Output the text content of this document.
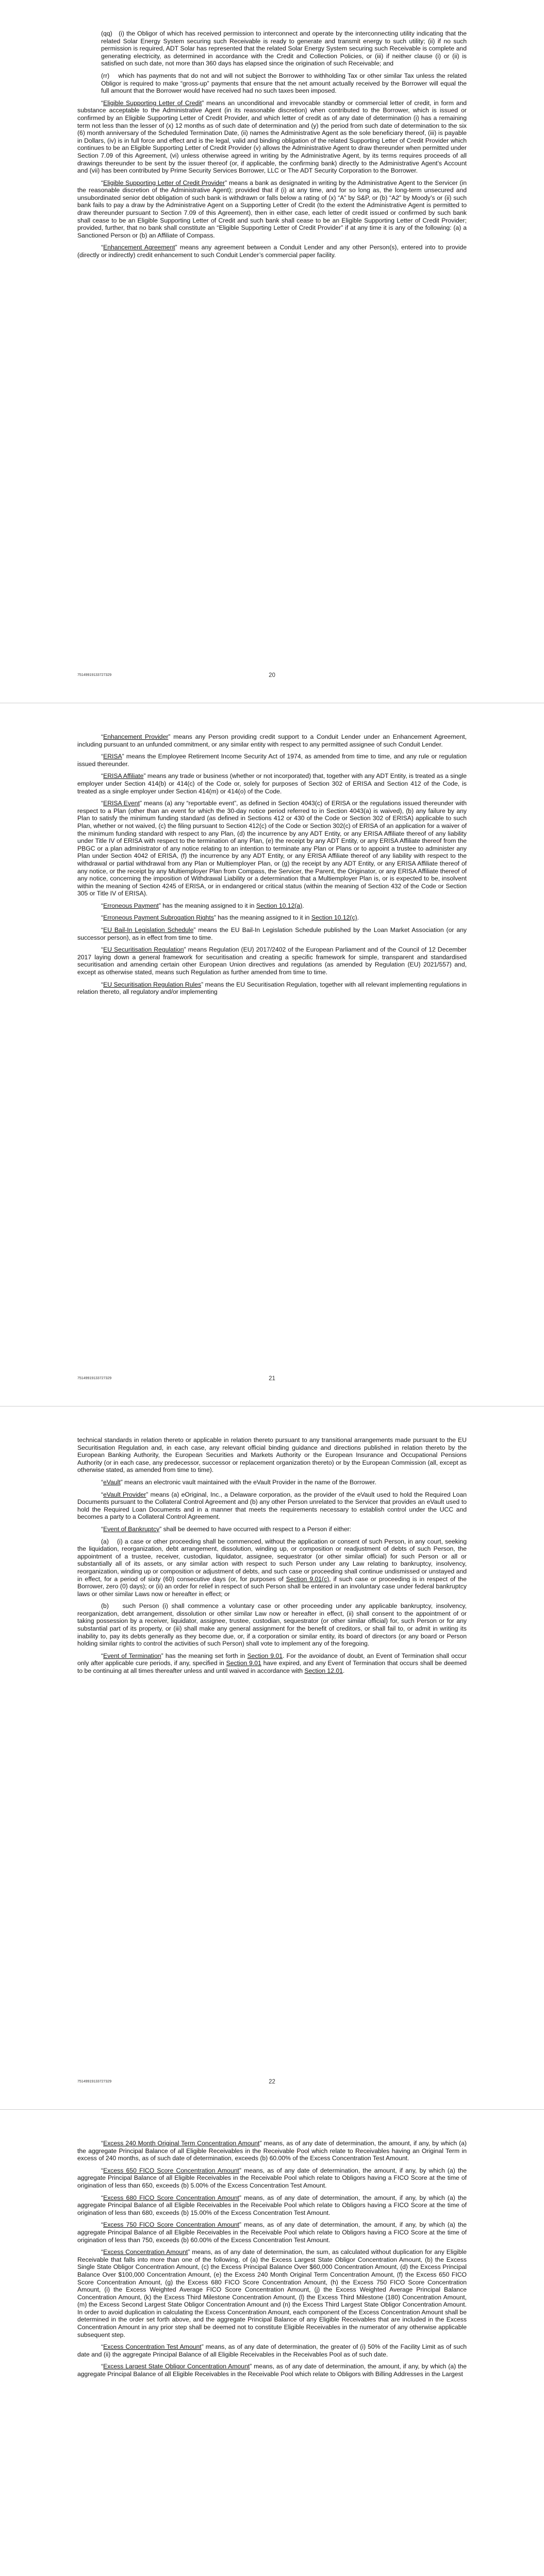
(qq)   (i) the Obligor of which has received permission to interconnect and operate by the interconnecting utility indicating that the related Solar Energy System securing such Receivable is ready to generate and transmit energy to such utility; (ii) if no such permission is required, ADT Solar has represented that the related Solar Energy System securing such Receivable is complete and generating electricity, as determined in accordance with the Credit and Collection Policies, or (iii) if neither clause (i) or (ii) is satisfied on such date, not more than 360 days has elapsed since the origination of such Receivable; and

(rr)    which has payments that do not and will not subject the Borrower to withholding Tax or other similar Tax unless the related Obligor is required to make “gross-up” payments that ensure that the net amount actually received by the Borrower will equal the full amount that the Borrower would have received had no such taxes been imposed.

“Eligible Supporting Letter of Credit” means an unconditional and irrevocable standby or commercial letter of credit, in form and substance acceptable to the Administrative Agent (in its reasonable discretion) when contributed to the Borrower, which is issued or confirmed by an Eligible Supporting Letter of Credit Provider, and which letter of credit as of any date of determination (i) has a remaining term not less than the lesser of (x) 12 months as of such date of determination and (y) the period from such date of determination to the six (6) month anniversary of the Scheduled Termination Date, (ii) names the Administrative Agent as the sole beneficiary thereof, (iii) is payable in Dollars, (iv) is in full force and effect and is the legal, valid and binding obligation of the related Supporting Letter of Credit Provider which continues to be an Eligible Supporting Letter of Credit Provider (v) allows the Administrative Agent to draw thereunder when permitted under Section 7.09 of this Agreement, (vi) unless otherwise agreed in writing by the Administrative Agent, by its terms requires proceeds of all drawings thereunder to be sent by the issuer thereof (or, if applicable, the confirming bank) directly to the Administrative Agent’s Account and (vii) has been contributed by Prime Security Services Borrower, LLC or The ADT Security Corporation to the Borrower.

“Eligible Supporting Letter of Credit Provider” means a bank as designated in writing by the Administrative Agent to the Servicer (in the reasonable discretion of the Administrative Agent); provided that if (i) at any time, and for so long as, the long-term unsecured and unsubordinated senior debt obligation of such bank is withdrawn or falls below a rating of (x) “A” by S&P, or (b) “A2” by Moody’s or (ii) such bank fails to pay a draw by the Administrative Agent on a Supporting Letter of Credit (to the extent the Administrative Agent is permitted to draw thereunder pursuant to Section 7.09 of this Agreement), then in either case, each letter of credit issued or confirmed by such bank shall cease to be an Eligible Supporting Letter of Credit and such bank shall cease to be an Eligible Supporting Letter of Credit Provider; provided, further, that no bank shall constitute an “Eligible Supporting Letter of Credit Provider” if at any time it is any of the following: (a) a Sanctioned Person or (b) an Affiliate of Compass.

“Enhancement Agreement” means any agreement between a Conduit Lender and any other Person(s), entered into to provide (directly or indirectly) credit enhancement to such Conduit Lender’s commercial paper facility.

75149919133727329	20

“Enhancement Provider” means any Person providing credit support to a Conduit Lender under an Enhancement Agreement, including pursuant to an unfunded commitment, or any similar entity with respect to any permitted assignee of such Conduit Lender.

“ERISA” means the Employee Retirement Income Security Act of 1974, as amended from time to time, and any rule or regulation issued thereunder.

“ERISA Affiliate” means any trade or business (whether or not incorporated) that, together with any ADT Entity, is treated as a single employer under Section 414(b) or 414(c) of the Code or, solely for purposes of Section 302 of ERISA and Section 412 of the Code, is treated as a single employer under Section 414(m) or 414(o) of the Code.

“ERISA Event” means (a) any “reportable event”, as defined in Section 4043(c) of ERISA or the regulations issued thereunder with respect to a Plan (other than an event for which the 30-day notice period referred to in Section 4043(a) is waived), (b) any failure by any Plan to satisfy the minimum funding standard (as defined in Sections 412 or 430 of the Code or Section 302 of ERISA) applicable to such Plan, whether or not waived, (c) the filing pursuant to Section 412(c) of the Code or Section 302(c) of ERISA of an application for a waiver of the minimum funding standard with respect to any Plan, (d) the incurrence by any ADT Entity, or any ERISA Affiliate thereof of any liability under Title IV of ERISA with respect to the termination of any Plan, (e) the receipt by any ADT Entity, or any ERISA Affiliate thereof from the PBGC or a plan administrator of any notice relating to an intention to terminate any Plan or Plans or to appoint a trustee to administer any Plan under Section 4042 of ERISA, (f) the incurrence by any ADT Entity, or any ERISA Affiliate thereof of any liability with respect to the withdrawal or partial withdrawal from any Plan or Multiemployer Plan, or (g) the receipt by any ADT Entity, or any ERISA Affiliate thereof of any notice, or the receipt by any Multiemployer Plan from Compass, the Servicer, the Parent, the Originator, or any ERISA Affiliate thereof of any notice, concerning the imposition of Withdrawal Liability or a determination that a Multiemployer Plan is, or is expected to be, insolvent within the meaning of Section 4245 of ERISA, or in endangered or critical status (within the meaning of Section 432 of the Code or Section 305 or Title IV of ERISA).

“Erroneous Payment” has the meaning assigned to it in Section 10.12(a).

“Erroneous Payment Subrogation Rights” has the meaning assigned to it in Section 10.12(c).

“EU Bail-In Legislation Schedule” means the EU Bail-In Legislation Schedule published by the Loan Market Association (or any successor person), as in effect from time to time.

“EU Securitisation Regulation” means Regulation (EU) 2017/2402 of the European Parliament and of the Council of 12 December 2017 laying down a general framework for securitisation and creating a specific framework for simple, transparent and standardised securitisation and amending certain other European Union directives and regulations (as amended by Regulation (EU) 2021/557) and, except as otherwise stated, means such Regulation as further amended from time to time.

“EU Securitisation Regulation Rules” means the EU Securitisation Regulation, together with all relevant implementing regulations in relation thereto, all regulatory and/or implementing

75149919133727329	21

technical standards in relation thereto or applicable in relation thereto pursuant to any transitional arrangements made pursuant to the EU Securitisation Regulation and, in each case, any relevant official binding guidance and directions published in relation thereto by the European Banking Authority, the European Securities and Markets Authority or the European Insurance and Occupational Pensions Authority (or in each case, any predecessor, successor or replacement organization thereto) or by the European Commission (all, except as otherwise stated, as amended from time to time).

“eVault” means an electronic vault maintained with the eVault Provider in the name of the Borrower.

“eVault Provider” means (a) eOriginal, Inc., a Delaware corporation, as the provider of the eVault used to hold the Required Loan Documents pursuant to the Collateral Control Agreement and (b) any other Person unrelated to the Servicer that provides an eVault used to hold the Required Loan Documents and in a manner that meets the requirements necessary to establish control under the UCC and becomes a party to a Collateral Control Agreement.

“Event of Bankruptcy” shall be deemed to have occurred with respect to a Person if either:

(a)    (i) a case or other proceeding shall be commenced, without the application or consent of such Person, in any court, seeking the liquidation, reorganization, debt arrangement, dissolution, winding up, or composition or readjustment of debts of such Person, the appointment of a trustee, receiver, custodian, liquidator, assignee, sequestrator (or other similar official) for such Person or all or substantially all of its assets, or any similar action with respect to such Person under any Law relating to bankruptcy, insolvency, reorganization, winding up or composition or adjustment of debts, and such case or proceeding shall continue undismissed or unstayed and in effect, for a period of sixty (60) consecutive days (or, for purposes of Section 9.01(c), if such case or proceeding is in respect of the Borrower, zero (0) days); or (ii) an order for relief in respect of such Person shall be entered in an involuntary case under federal bankruptcy laws or other similar Laws now or hereafter in effect; or

(b)    such Person (i) shall commence a voluntary case or other proceeding under any applicable bankruptcy, insolvency, reorganization, debt arrangement, dissolution or other similar Law now or hereafter in effect, (ii) shall consent to the appointment of or taking possession by a receiver, liquidator, assignee, trustee, custodian, sequestrator (or other similar official) for, such Person or for any substantial part of its property, or (iii) shall make any general assignment for the benefit of creditors, or shall fail to, or admit in writing its inability to, pay its debts generally as they become due, or, if a corporation or similar entity, its board of directors (or any board or Person holding similar rights to control the activities of such Person) shall vote to implement any of the foregoing.

“Event of Termination” has the meaning set forth in Section 9.01. For the avoidance of doubt, an Event of Termination shall occur only after applicable cure periods, if any, specified in Section 9.01 have expired, and any Event of Termination that occurs shall be deemed to be continuing at all times thereafter unless and until waived in accordance with Section 12.01.

75149919133727329	22

“Excess 240 Month Original Term Concentration Amount” means, as of any date of determination, the amount, if any, by which (a) the aggregate Principal Balance of all Eligible Receivables in the Receivable Pool which relate to Receivables having an Original Term in excess of 240 months, as of such date of determination, exceeds (b) 60.00% of the Excess Concentration Test Amount.

“Excess 650 FICO Score Concentration Amount” means, as of any date of determination, the amount, if any, by which (a) the aggregate Principal Balance of all Eligible Receivables in the Receivable Pool which relate to Obligors having a FICO Score at the time of origination of less than 650, exceeds (b) 5.00% of the Excess Concentration Test Amount.

“Excess 680 FICO Score Concentration Amount” means, as of any date of determination, the amount, if any, by which (a) the aggregate Principal Balance of all Eligible Receivables in the Receivable Pool which relate to Obligors having a FICO Score at the time of origination of less than 680, exceeds (b) 15.00% of the Excess Concentration Test Amount.

“Excess 750 FICO Score Concentration Amount” means, as of any date of determination, the amount, if any, by which (a) the aggregate Principal Balance of all Eligible Receivables in the Receivable Pool which relate to Obligors having a FICO Score at the time of origination of less than 750, exceeds (b) 60.00% of the Excess Concentration Test Amount.

“Excess Concentration Amount” means, as of any date of determination, the sum, as calculated without duplication for any Eligible Receivable that falls into more than one of the following, of (a) the Excess Largest State Obligor Concentration Amount, (b) the Excess Single State Obligor Concentration Amount, (c) the Excess Principal Balance Over $60,000 Concentration Amount, (d) the Excess Principal Balance Over $100,000 Concentration Amount, (e) the Excess 240 Month Original Term Concentration Amount, (f) the Excess 650 FICO Score Concentration Amount, (g) the Excess 680 FICO Score Concentration Amount, (h) the Excess 750 FICO Score Concentration Amount, (i) the Excess Weighted Average FICO Score Concentration Amount, (j) the Excess Weighted Average Principal Balance Concentration Amount, (k) the Excess Third Milestone Concentration Amount, (l) the Excess Third Milestone (180) Concentration Amount, (m) the Excess Second Largest State Obligor Concentration Amount and (n) the Excess Third Largest State Obligor Concentration Amount. In order to avoid duplication in calculating the Excess Concentration Amount, each component of the Excess Concentration Amount shall be determined in the order set forth above, and the aggregate Principal Balance of any Eligible Receivables that are included in the Excess Concentration Amount in any prior step shall be deemed not to constitute Eligible Receivables in the numerator of any otherwise applicable subsequent step.

“Excess Concentration Test Amount” means, as of any date of determination, the greater of (i) 50% of the Facility Limit as of such date and (ii) the aggregate Principal Balance of all Eligible Receivables in the Receivables Pool as of such date.

“Excess Largest State Obligor Concentration Amount” means, as of any date of determination, the amount, if any, by which (a) the aggregate Principal Balance of all Eligible Receivables in the Receivable Pool which relate to Obligors with Billing Addresses in the Largest
